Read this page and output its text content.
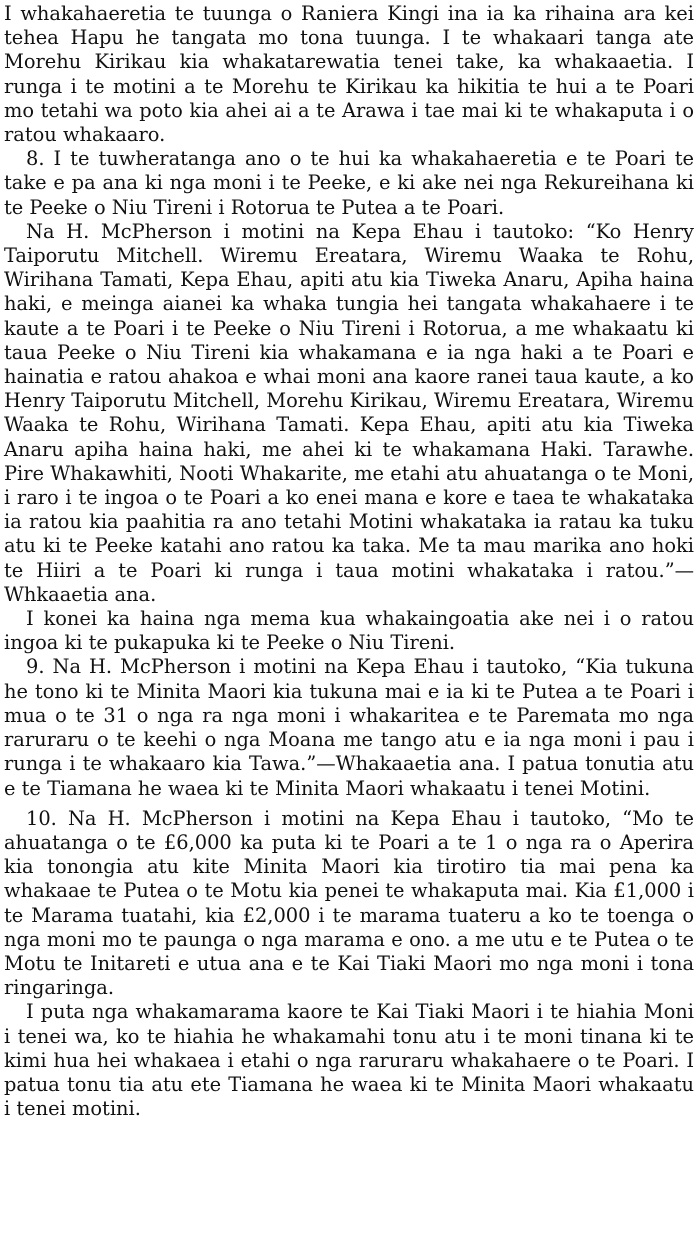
I whakahaeretia te tuunga o Raniera Kingi ina ia ka rihaina ara kei tehea Hapu he tangata mo tona tuunga. I te whakaari tanga ate Morehu Kirikau kia whakatarewatia tenei take, ka whakaaetia. I runga i te motini a te Morehu te Kirikau ka hikitia te hui a te Poari mo tetahi wa poto kia ahei ai a te Arawa i tae mai ki te whakaputa i o ratou whakaaro.

8. I te tuwheratanga ano o te hui ka whakahaeretia e te Poari te take e pa ana ki nga moni i te Peeke, e ki ake nei nga Rekureihana ki te Peeke o Niu Tireni i Rotorua te Putea a te Poari.

Na H. McPherson i motini na Kepa Ehau i tautoko: “Ko Henry Taiporutu Mitchell. Wiremu Ereatara, Wiremu Waaka te Rohu, Wirihana Tamati, Kepa Ehau, apiti atu kia Tiweka Anaru, Apiha haina haki, e meinga aianei ka whaka tungia hei tangata whakahaere i te kaute a te Poari i te Peeke o Niu Tireni i Rotorua, a me whakaatu ki taua Peeke o Niu Tireni kia whakamana e ia nga haki a te Poari e hainatia e ratou ahakoa e whai moni ana kaore ranei taua kaute, a ko Henry Taiporutu Mitchell, Morehu Kirikau, Wiremu Ereatara, Wiremu Waaka te Rohu, Wirihana Tamati. Kepa Ehau, apiti atu kia Tiweka Anaru apiha haina haki, me ahei ki te whakamana Haki. Tarawhe. Pire Whakawhiti, Nooti Whakarite, me etahi atu ahuatanga o te Moni, i raro i te ingoa o te Poari a ko enei mana e kore e taea te whakataka ia ratou kia paahitia ra ano tetahi Motini whakataka ia ratau ka tuku atu ki te Peeke katahi ano ratou ka taka. Me ta mau marika ano hoki te Hiiri a te Poari ki runga i taua motini whakataka i ratou.”—Whkaaetia ana.

I konei ka haina nga mema kua whakaingoatia ake nei i o ratou ingoa ki te pukapuka ki te Peeke o Niu Tireni.

9. Na H. McPherson i motini na Kepa Ehau i tautoko, “Kia tukuna he tono ki te Minita Maori kia tukuna mai e ia ki te Putea a te Poari i mua o te 31 o nga ra nga moni i whakaritea e te Paremata mo nga raruraru o te keehi o nga Moana me tango atu e ia nga moni i pau i runga i te whakaaro kia Tawa.”—Whakaaetia ana. I patua tonutia atu e te Tiamana he waea ki te Minita Maori whakaatu i tenei Motini.

10. Na H. McPherson i motini na Kepa Ehau i tautoko, “Mo te ahuatanga o te £6,000 ka puta ki te Poari a te 1 o nga ra o Aperira kia tonongia atu kite Minita Maori kia tirotiro tia mai pena ka whakaae te Putea o te Motu kia penei te whakaputa mai. Kia £1,000 i te Marama tuatahi, kia £2,000 i te marama tuateru a ko te toenga o nga moni mo te paunga o nga marama e ono. a me utu e te Putea o te Motu te Initareti e utua ana e te Kai Tiaki Maori mo nga moni i tona ringaringa.

I puta nga whakamarama kaore te Kai Tiaki Maori i te hiahia Moni i tenei wa, ko te hiahia he whakamahi tonu atu i te moni tinana ki te kimi hua hei whakaea i etahi o nga raruraru whakahaere o te Poari. I patua tonu tia atu ete Tiamana he waea ki te Minita Maori whakaatu i tenei motini.
